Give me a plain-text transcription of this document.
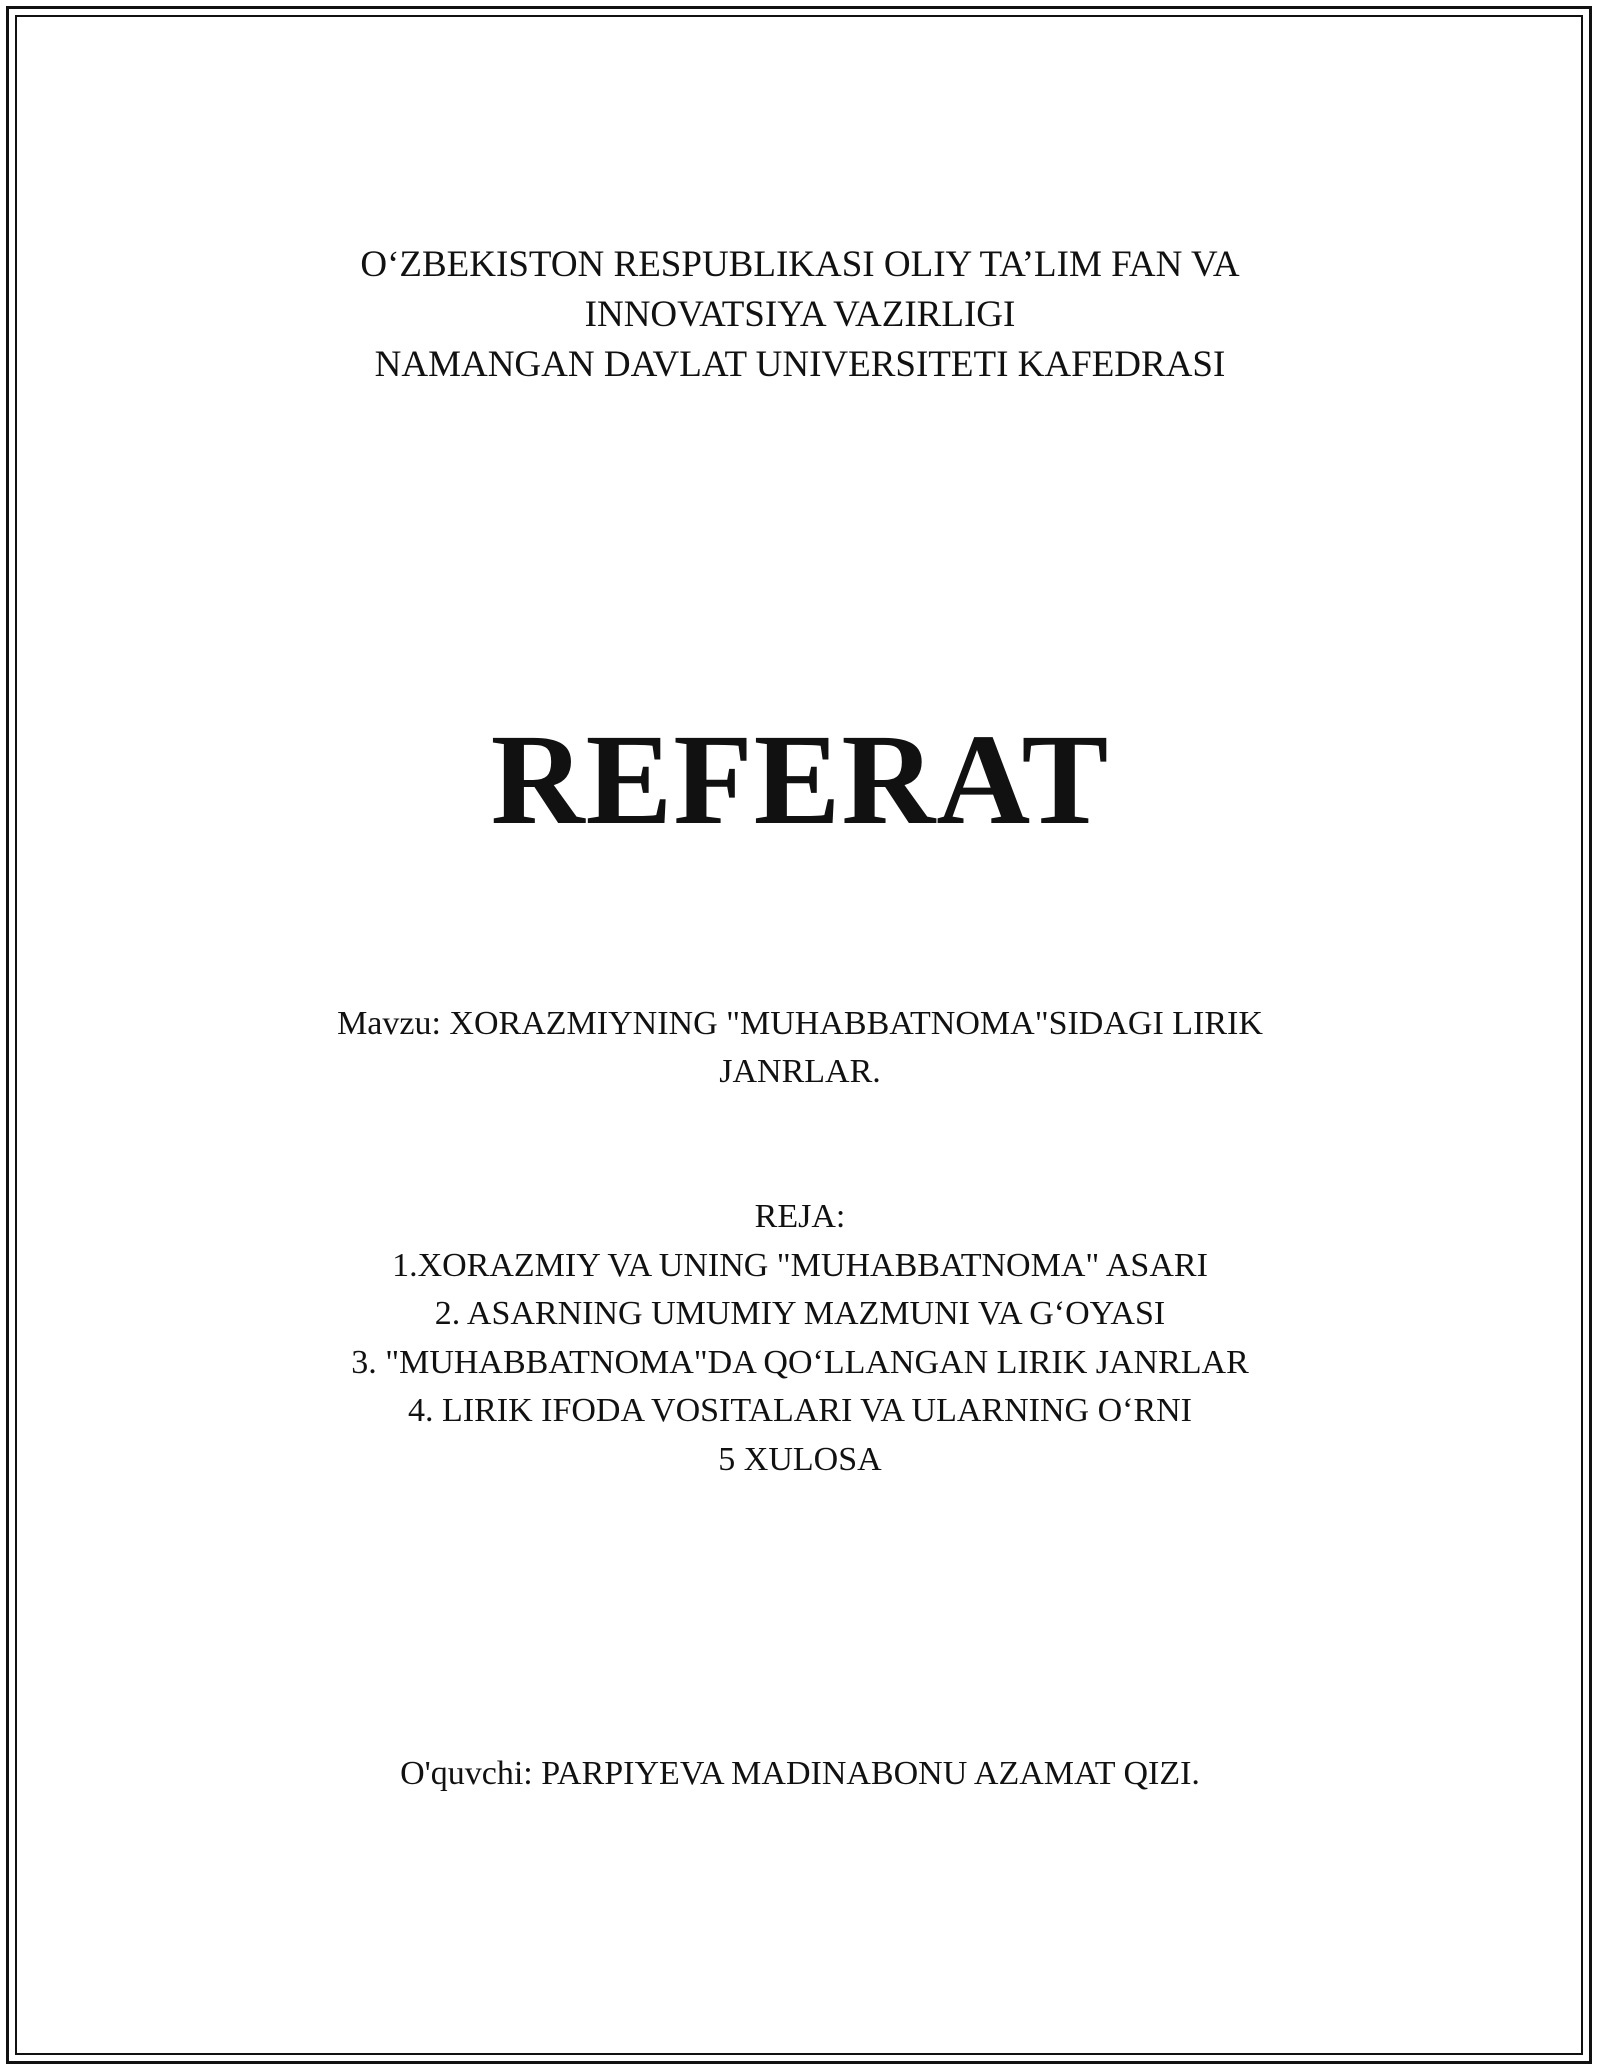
O‘ZBEKISTON RESPUBLIKASI OLIY TA’LIM FAN VA
INNOVATSIYA VAZIRLIGI
NAMANGAN DAVLAT UNIVERSITETI KAFEDRASI
REFERAT
Mavzu: XORAZMIYNING "MUHABBATNOMA"SIDAGI LIRIK
JANRLAR.
REJA:
1.XORAZMIY VA UNING "MUHABBATNOMA" ASARI
2. ASARNING UMUMIY MAZMUNI VA G‘OYASI
3. "MUHABBATNOMA"DA QO‘LLANGAN LIRIK JANRLAR
4. LIRIK IFODA VOSITALARI VA ULARNING O‘RNI
5 XULOSA
O'quvchi: PARPIYEVA MADINABONU AZAMAT QIZI.
